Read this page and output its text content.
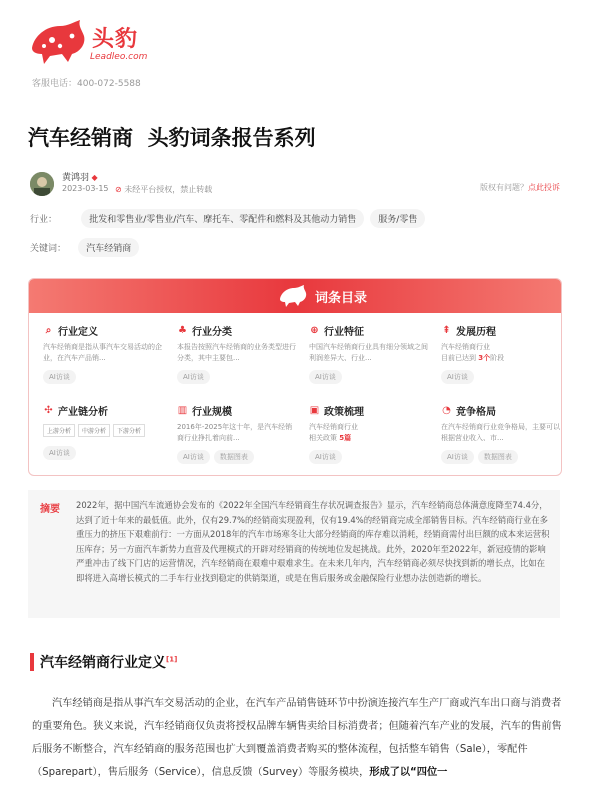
头豹
Leadleo.com
客服电话：400-072-5588
汽车经销商  头豹词条报告系列
黄鸿羽 ◆
2023-03-15 ⊘ 未经平台授权，禁止转载	版权有问题？点此投诉
行业：	批发和零售业/零售业/汽车、摩托车、零配件和燃料及其他动力销售 服务/零售
关键词： 汽车经销商
词条目录
⌕ 行业定义
汽车经销商是指从事汽车交易活动的企业，在汽车产品销...
AI访谈
♣ 行业分类
本报告按照汽车经销商的业务类型进行分类，其中主要包...
AI访谈
⊕ 行业特征
中国汽车经销商行业具有细分领域之间利润差异大、行业...
AI访谈
⇞ 发展历程
汽车经销商行业
目前已达到 3个阶段
AI访谈
✣ 产业链分析
上游分析 中游分析 下游分析
AI访谈
▥ 行业规模
2016年-2025年这十年，是汽车经销商行业挣扎着向前...
AI访谈 数据图表
▣ 政策梳理
汽车经销商行业
相关政策 5篇
AI访谈
◔ 竞争格局
在汽车经销商行业竞争格局，主要可以根据营业收入、市...
AI访谈 数据图表
摘要 2022年，据中国汽车流通协会发布的《2022年全国汽车经销商生存状况调查报告》显示，汽车经销商总体满意度降至74.4分，达到了近十年来的最低值。此外，仅有29.7%的经销商实现盈利，仅有19.4%的经销商完成全部销售目标。汽车经销商行业在多重压力的挤压下艰难前行：一方面从2018年的汽车市场寒冬让大部分经销商的库存难以消耗，经销商需付出巨额的成本来运营积压库存；另一方面汽车新势力直营及代理模式的开辟对经销商的传统地位发起挑战。此外，2020年至2022年，新冠疫情的影响严重冲击了线下门店的运营情况，汽车经销商在艰难中艰难求生。在未来几年内，汽车经销商必须尽快找到新的增长点，比如在即将进入高增长模式的二手车行业找到稳定的供销渠道，或是在售后服务或金融保险行业想办法创造新的增长。
汽车经销商行业定义[1]
汽车经销商是指从事汽车交易活动的企业，在汽车产品销售链环节中扮演连接汽车生产厂商或汽车出口商与消费者的重要角色。狭义来说，汽车经销商仅负责将授权品牌车辆售卖给目标消费者；但随着汽车产业的发展，汽车的售前售后服务不断整合，汽车经销商的服务范围也扩大到覆盖消费者购买的整体流程，包括整车销售（Sale），零配件（Sparepart），售后服务（Service），信息反馈（Survey）等服务模块，形成了以“四位一
